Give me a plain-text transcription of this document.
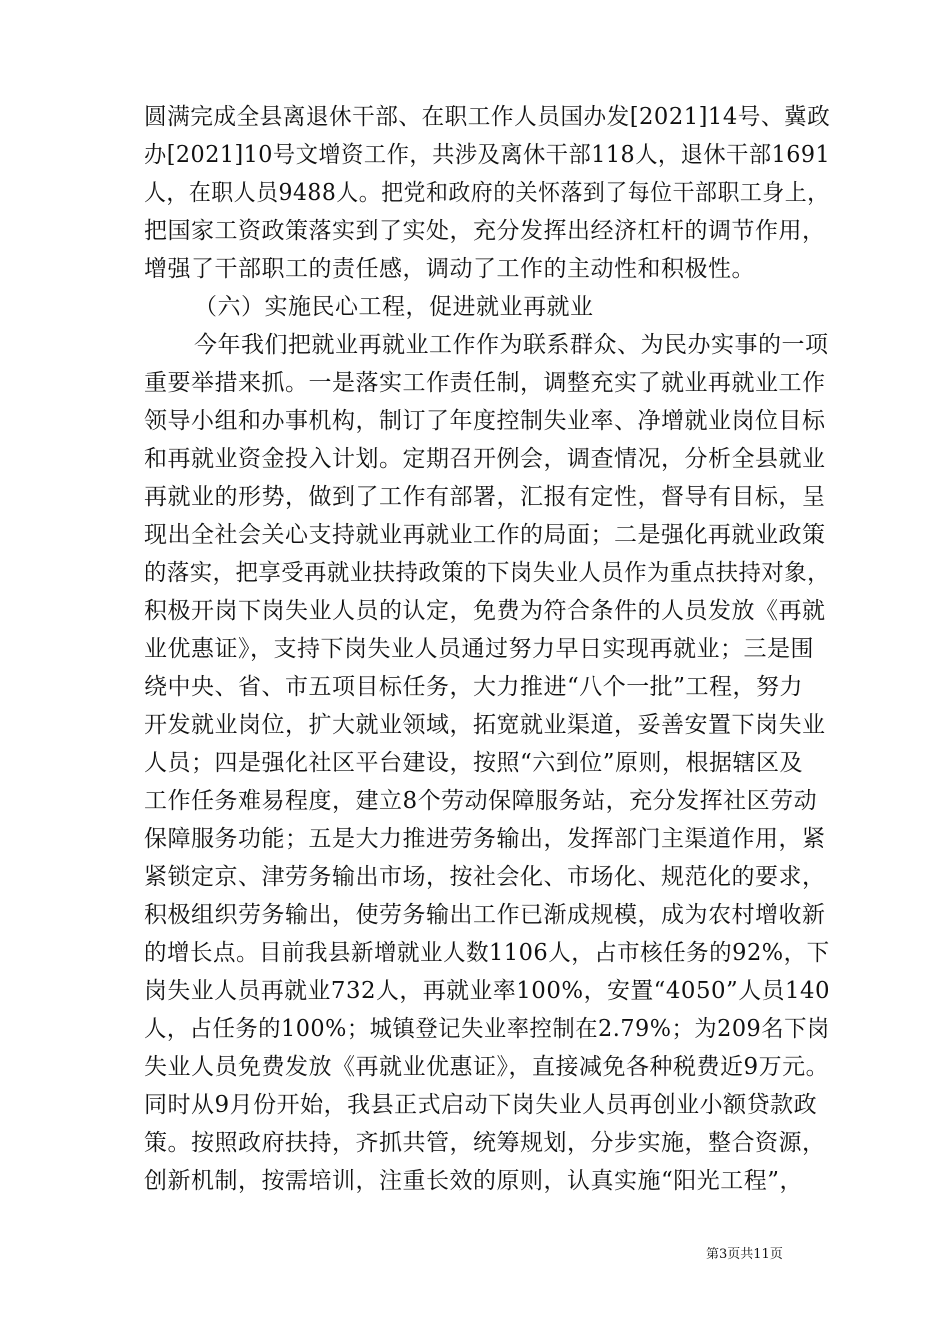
圆满完成全县离退休干部、在职工作人员国办发[2021]14号、冀政
办[2021]10号文增资工作，共涉及离休干部118人，退休干部1691
人，在职人员9488人。把党和政府的关怀落到了每位干部职工身上，
把国家工资政策落实到了实处，充分发挥出经济杠杆的调节作用，
增强了干部职工的责任感，调动了工作的主动性和积极性。
（六）实施民心工程，促进就业再就业
今年我们把就业再就业工作作为联系群众、为民办实事的一项
重要举措来抓。一是落实工作责任制，调整充实了就业再就业工作
领导小组和办事机构，制订了年度控制失业率、净增就业岗位目标
和再就业资金投入计划。定期召开例会，调查情况，分析全县就业
再就业的形势，做到了工作有部署，汇报有定性，督导有目标，呈
现出全社会关心支持就业再就业工作的局面；二是强化再就业政策
的落实，把享受再就业扶持政策的下岗失业人员作为重点扶持对象，
积极开岗下岗失业人员的认定，免费为符合条件的人员发放《再就
业优惠证》，支持下岗失业人员通过努力早日实现再就业；三是围
绕中央、省、市五项目标任务，大力推进“八个一批”工程，努力
开发就业岗位，扩大就业领域，拓宽就业渠道，妥善安置下岗失业
人员；四是强化社区平台建设，按照“六到位”原则，根据辖区及
工作任务难易程度，建立8个劳动保障服务站，充分发挥社区劳动
保障服务功能；五是大力推进劳务输出，发挥部门主渠道作用，紧
紧锁定京、津劳务输出市场，按社会化、市场化、规范化的要求，
积极组织劳务输出，使劳务输出工作已渐成规模，成为农村增收新
的增长点。目前我县新增就业人数1106人，占市核任务的92%，下
岗失业人员再就业732人，再就业率100%，安置“4050”人员140
人，占任务的100%；城镇登记失业率控制在2.79%；为209名下岗
失业人员免费发放《再就业优惠证》，直接减免各种税费近9万元。
同时从9月份开始，我县正式启动下岗失业人员再创业小额贷款政
策。按照政府扶持，齐抓共管，统筹规划，分步实施，整合资源，
创新机制，按需培训，注重长效的原则，认真实施“阳光工程”，
第3页共11页
